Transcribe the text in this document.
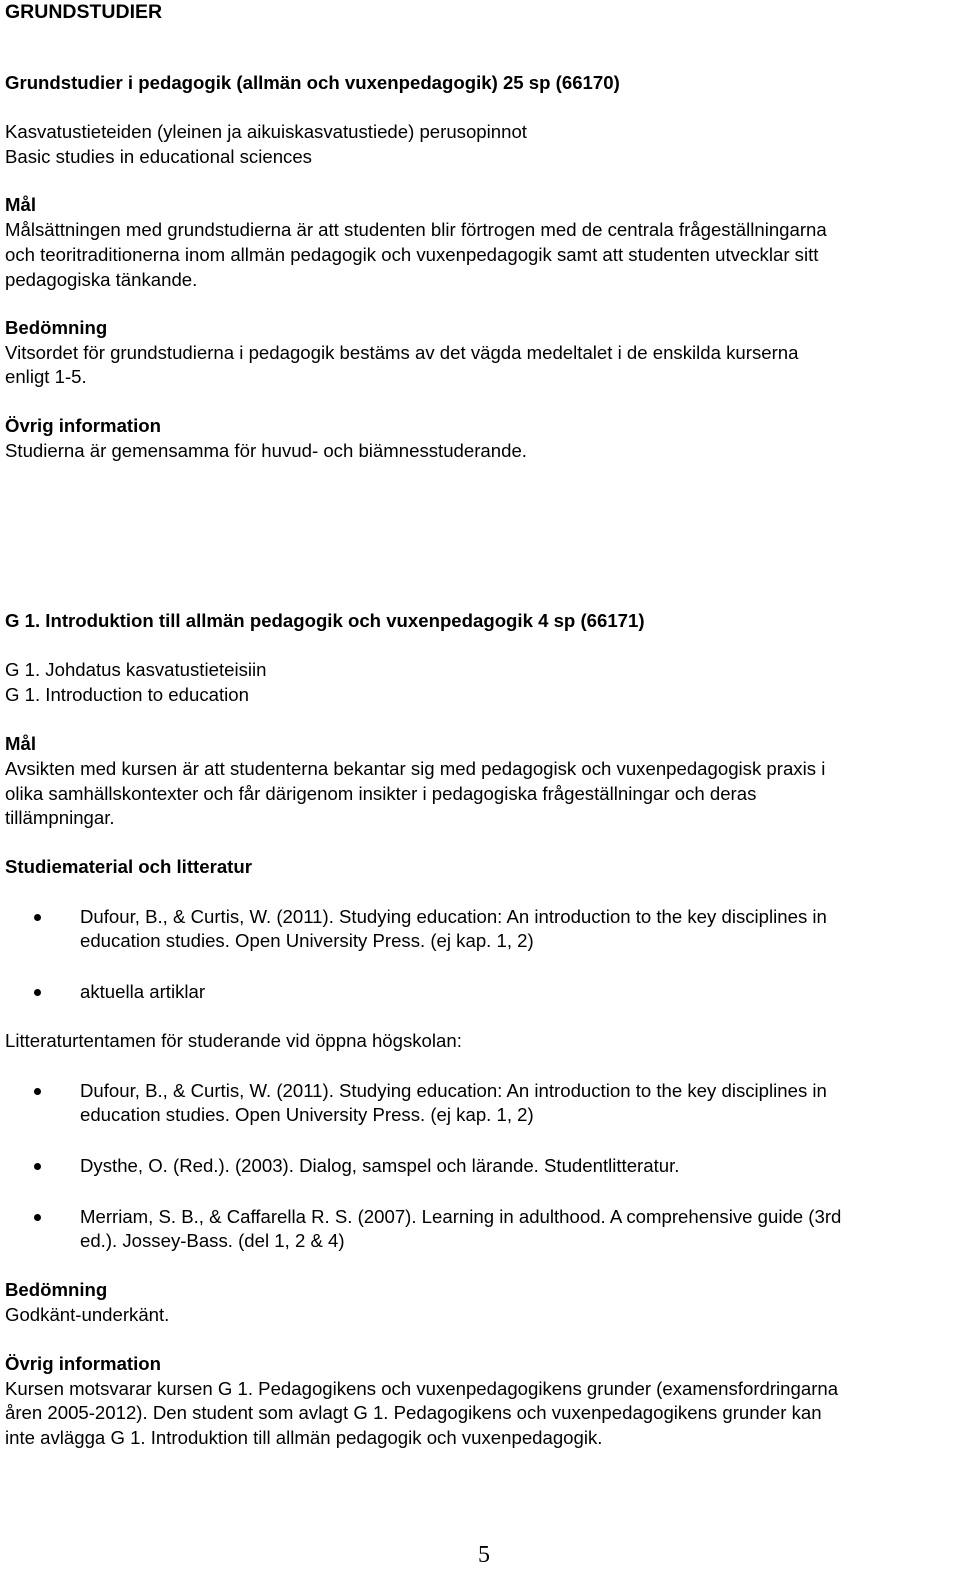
GRUNDSTUDIER
Grundstudier i pedagogik (allmän och vuxenpedagogik) 25 sp (66170)
Kasvatustieteiden (yleinen ja aikuiskasvatustiede) perusopinnot
Basic studies in educational sciences
Mål
Målsättningen med grundstudierna är att studenten blir förtrogen med de centrala frågeställningarna
och teoritraditionerna inom allmän pedagogik och vuxenpedagogik samt att studenten utvecklar sitt
pedagogiska tänkande.
Bedömning
Vitsordet för grundstudierna i pedagogik bestäms av det vägda medeltalet i de enskilda kurserna
enligt 1-5.
Övrig information
Studierna är gemensamma för huvud- och biämnesstuderande.
G 1. Introduktion till allmän pedagogik och vuxenpedagogik 4 sp (66171)
G 1. Johdatus kasvatustieteisiin
G 1. Introduction to education
Mål
Avsikten med kursen är att studenterna bekantar sig med pedagogisk och vuxenpedagogisk praxis i
olika samhällskontexter och får därigenom insikter i pedagogiska frågeställningar och deras
tillämpningar.
Studiematerial och litteratur
Dufour, B., & Curtis, W. (2011). Studying education: An introduction to the key disciplines in
education studies. Open University Press. (ej kap. 1, 2)
aktuella artiklar
Litteraturtentamen för studerande vid öppna högskolan:
Dufour, B., & Curtis, W. (2011). Studying education: An introduction to the key disciplines in
education studies. Open University Press. (ej kap. 1, 2)
Dysthe, O. (Red.). (2003). Dialog, samspel och lärande. Studentlitteratur.
Merriam, S. B., & Caffarella R. S. (2007). Learning in adulthood. A comprehensive guide (3rd
ed.). Jossey-Bass. (del 1, 2 & 4)
Bedömning
Godkänt-underkänt.
Övrig information
Kursen motsvarar kursen G 1. Pedagogikens och vuxenpedagogikens grunder (examensfordringarna
åren 2005-2012). Den student som avlagt G 1. Pedagogikens och vuxenpedagogikens grunder kan
inte avlägga G 1. Introduktion till allmän pedagogik och vuxenpedagogik.
5
